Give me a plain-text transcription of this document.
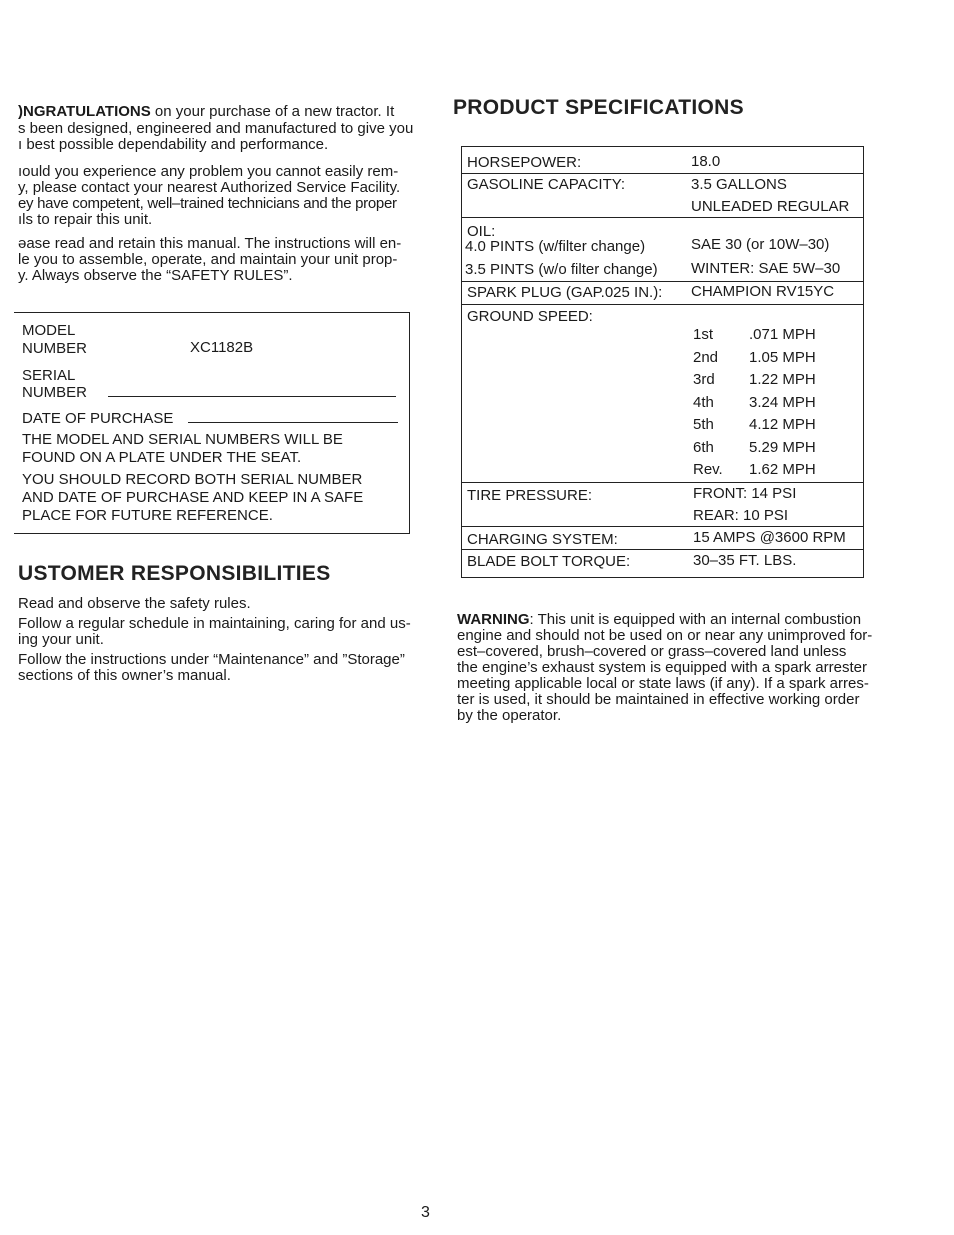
)NGRATULATIONS on your purchase of a new tractor. It

s been designed, engineered and manufactured to give you

ı best possible dependability and performance.

ıould you experience any problem you cannot easily rem-

y, please contact your nearest Authorized Service Facility.

ey have competent, well–trained technicians and the proper

ıls to repair this unit.

əase read and retain this manual. The instructions will en-

le you to assemble, operate, and maintain your unit prop-

y. Always observe the “SAFETY RULES”.

MODEL
NUMBER	XC1182B
SERIAL
NUMBER
DATE OF PURCHASE
THE MODEL AND SERIAL NUMBERS WILL BE
FOUND ON A PLATE UNDER THE SEAT.
YOU SHOULD RECORD BOTH SERIAL NUMBER
AND DATE OF PURCHASE AND KEEP IN A SAFE
PLACE FOR FUTURE REFERENCE.
USTOMER RESPONSIBILITIES

Read and observe the safety rules.

Follow a regular schedule in maintaining, caring for and us-

ing your unit.

Follow the instructions under “Maintenance” and ”Storage”

sections of this owner’s manual.

PRODUCT SPECIFICATIONS
HORSEPOWER:	18.0
GASOLINE CAPACITY:	3.5 GALLONS
UNLEADED REGULAR
OIL:
4.0 PINTS (w/filter change)	SAE 30 (or 10W–30)
3.5 PINTS (w/o filter change) WINTER: SAE 5W–30
SPARK PLUG (GAP.025 IN.): CHAMPION RV15YC
GROUND SPEED:
1st .071 MPH
2nd 1.05 MPH
3rd 1.22 MPH
4th 3.24 MPH
5th 4.12 MPH
6th 5.29 MPH
Rev. 1.62 MPH
TIRE PRESSURE:	FRONT: 14 PSI
REAR: 10 PSI
CHARGING SYSTEM:	15 AMPS @3600 RPM
BLADE BOLT TORQUE:	30–35 FT. LBS.

WARNING: This unit is equipped with an internal combustion

engine and should not be used on or near any unimproved for-

est–covered, brush–covered or grass–covered land unless

the engine’s exhaust system is equipped with a spark arrester

meeting applicable local or state laws (if any). If a spark arres-

ter is used, it should be maintained in effective working order

by the operator.

3
